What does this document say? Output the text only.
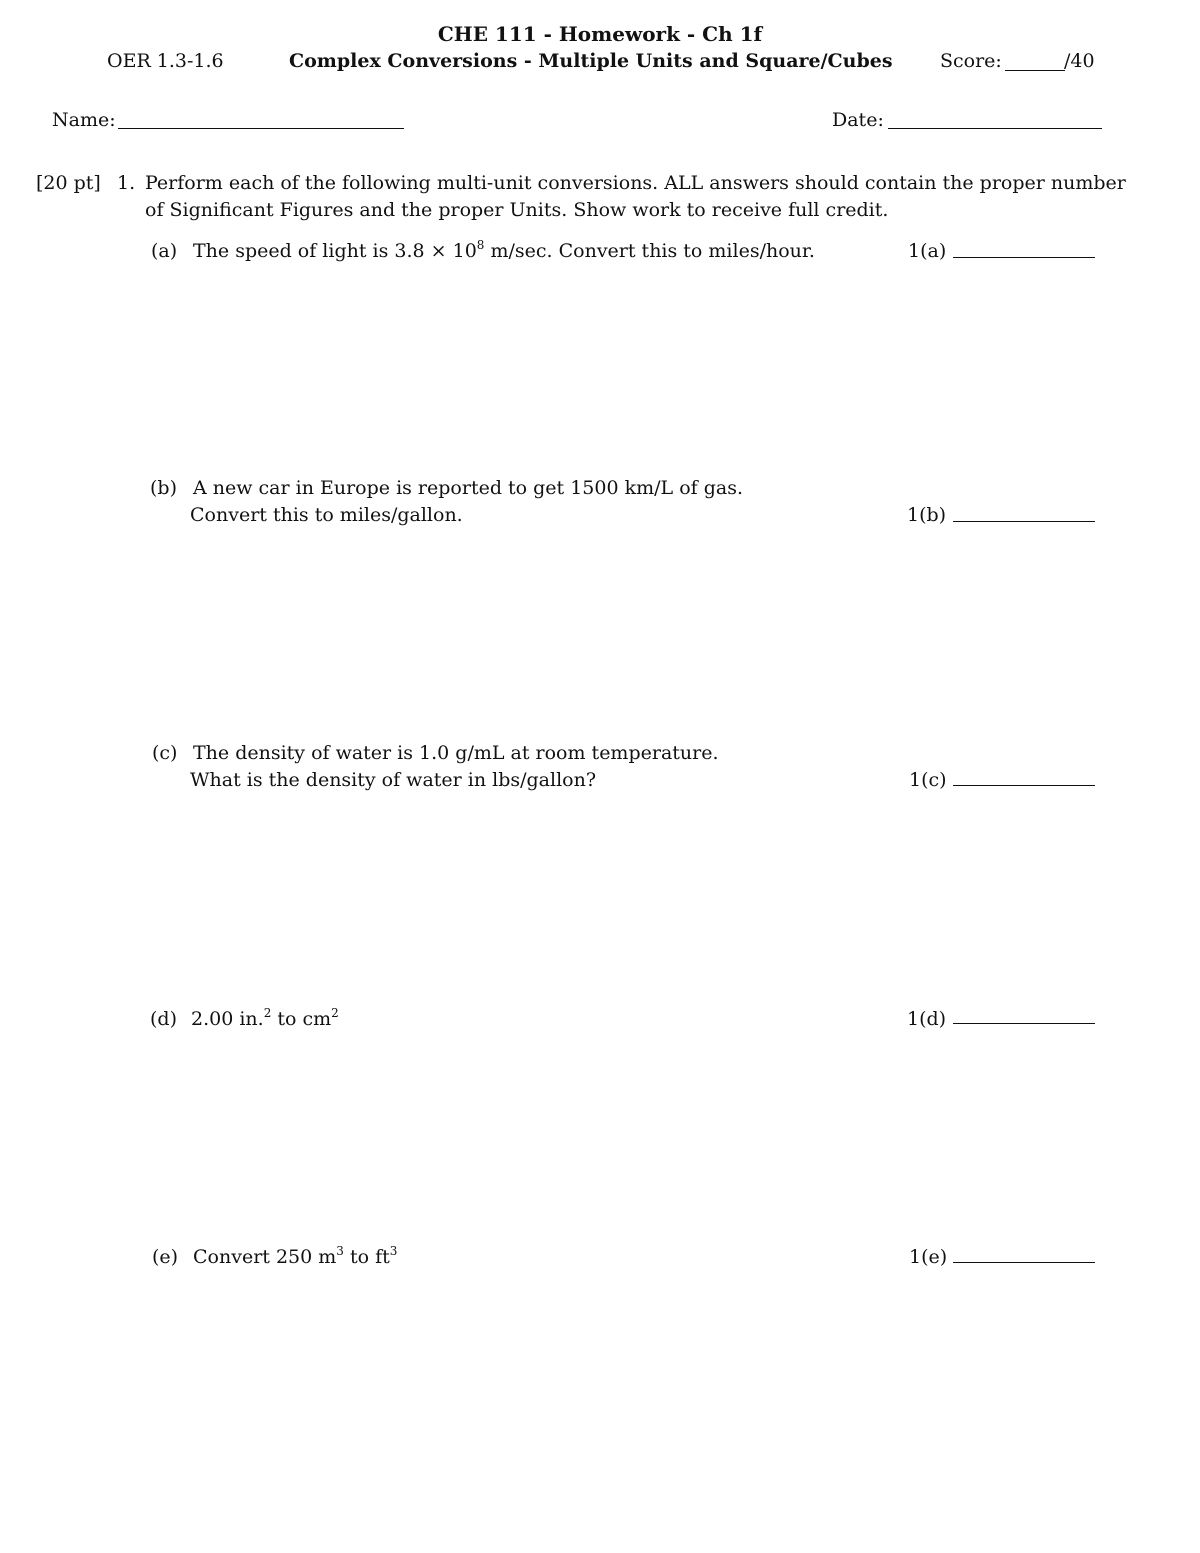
CHE 111 - Homework - Ch 1f
OER 1.3-1.6	Complex Conversions - Multiple Units and Square/Cubes Score:	/40
Name:	Date:
[20 pt] 1. Perform each of the following multi-unit conversions. ALL answers should contain the proper number
of Significant Figures and the proper Units. Show work to receive full credit.
(a) The speed of light is $3.8 \times 10^8$ m/sec. Convert this to miles/hour.	1(a)
(b) A new car in Europe is reported to get 1500 km/L of gas.
Convert this to miles/gallon.	1(b)
(c) The density of water is 1.0 g/mL at room temperature.
What is the density of water in lbs/gallon?	1(c)
(d) 2.00 in.$^2$ to $cm^2$	1(d)
(e) Convert 250 $m^3$ to $ft^3$	1(e)
